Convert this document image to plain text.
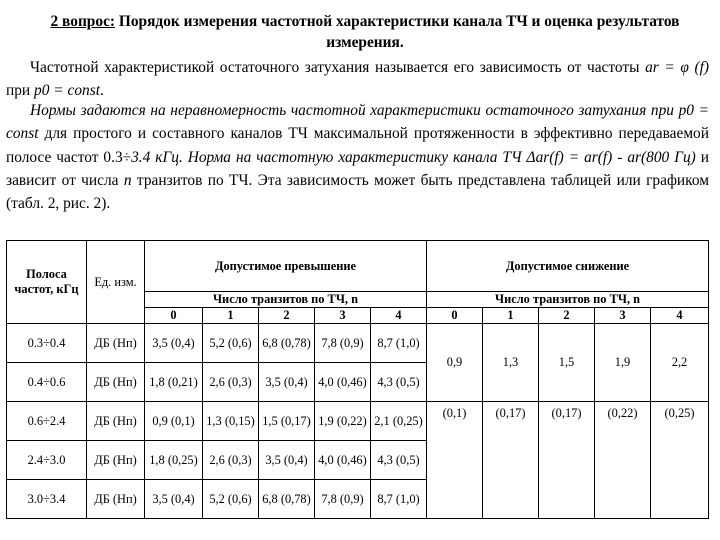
2 вопрос: Порядок измерения частотной характеристики канала ТЧ и оценка результатов измерения.
Частотной характеристикой остаточного затухания называется его зависимость от частоты ar = φ (f) при p0 = const.
Нормы задаются на неравномерность частотной характеристики остаточного затухания при p0 = const для простого и составного каналов ТЧ максимальной протяженности в эффективно передаваемой полосе частот 0.3÷3.4 кГц. Норма на частотную характеристику канала ТЧ Δar(f) = ar(f) - ar(800 Гц) и зависит от числа n транзитов по ТЧ. Эта зависимость может быть представлена таблицей или графиком (табл. 2, рис. 2).
Полоса частот, кГц	Ед. изм.	Допустимое превышение					Допустимое снижение				
		Число транзитов по ТЧ, n					Число транзитов по ТЧ, n				
		0	1	2	3	4	0	1	2	3	4
0.3÷0.4	ДБ (Нп)	3,5 (0,4)	5,2 (0,6)	6,8 (0,78)	7,8 (0,9)	8,7 (1,0)	0,9	1,3	1,5	1,9	2,2
0.4÷0.6	ДБ (Нп)	1,8 (0,21)	2,6 (0,3)	3,5 (0,4)	4,0 (0,46)	4,3 (0,5)					
0.6÷2.4	ДБ (Нп)	0,9 (0,1)	1,3 (0,15)	1,5 (0,17)	1,9 (0,22)	2,1 (0,25)	(0,1)	(0,17)	(0,17)	(0,22)	(0,25)
2.4÷3.0	ДБ (Нп)	1,8 (0,25)	2,6 (0,3)	3,5 (0,4)	4,0 (0,46)	4,3 (0,5)					
3.0÷3.4	ДБ (Нп)	3,5 (0,4)	5,2 (0,6)	6,8 (0,78)	7,8 (0,9)	8,7 (1,0)					
